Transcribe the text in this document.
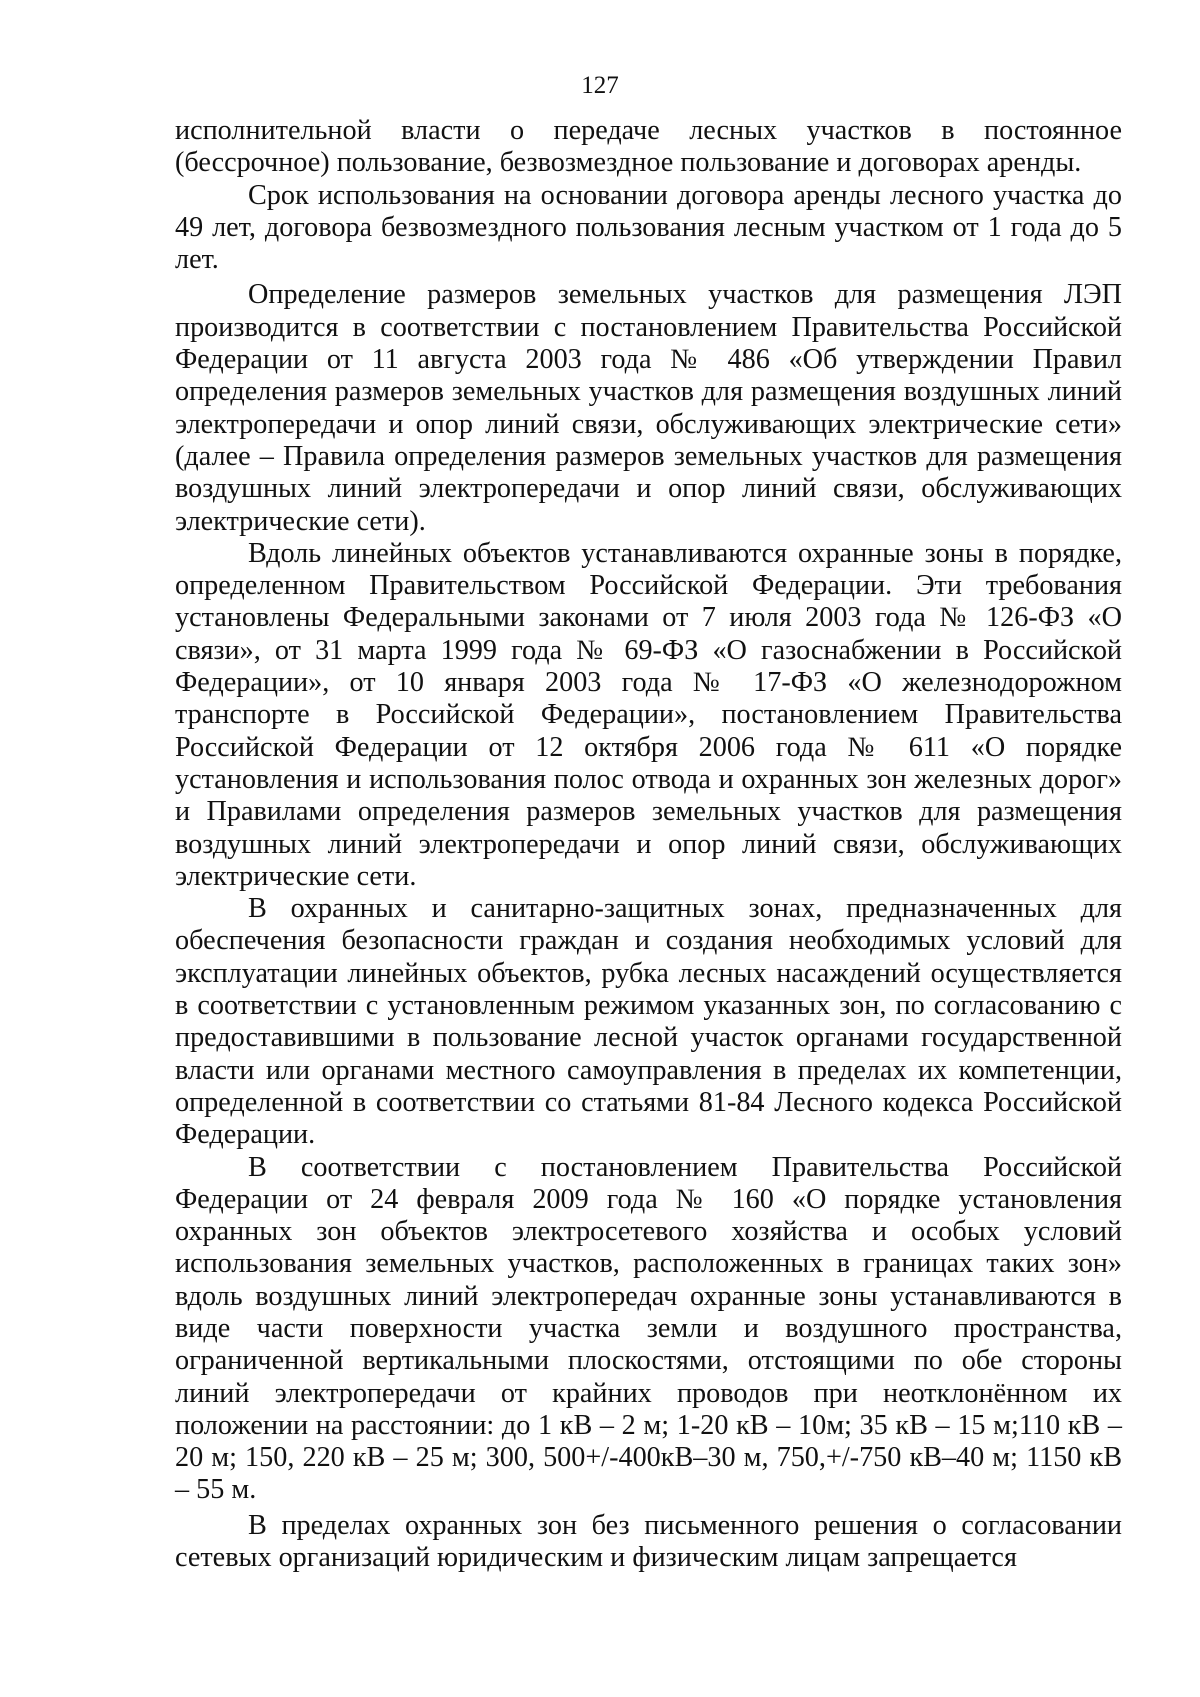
127

исполнительной власти о передаче лесных участков в постоянное (бессрочное) пользование, безвозмездное пользование и договорах аренды.

Срок использования на основании договора аренды лесного участка до 49 лет, договора безвозмездного пользования лесным участком от 1 года до 5 лет.

Определение размеров земельных участков для размещения ЛЭП производится в соответствии с постановлением Правительства Российской Федерации от 11 августа 2003 года № 486 «Об утверждении Правил определения размеров земельных участков для размещения воздушных линий электропередачи и опор линий связи, обслуживающих электрические сети» (далее – Правила определения размеров земельных участков для размещения воздушных линий электропередачи и опор линий связи, обслуживающих электрические сети).

Вдоль линейных объектов устанавливаются охранные зоны в порядке, определенном Правительством Российской Федерации. Эти требования установлены Федеральными законами от 7 июля 2003 года № 126-ФЗ «О связи», от 31 марта 1999 года № 69-ФЗ «О газоснабжении в Российской Федерации», от 10 января 2003 года № 17-ФЗ «О железнодорожном транспорте в Российской Федерации», постановлением Правительства Российской Федерации от 12 октября 2006 года № 611 «О порядке установления и использования полос отвода и охранных зон железных дорог» и Правилами определения размеров земельных участков для размещения воздушных линий электропередачи и опор линий связи, обслуживающих электрические сети.

В охранных и санитарно-защитных зонах, предназначенных для обеспечения безопасности граждан и создания необходимых условий для эксплуатации линейных объектов, рубка лесных насаждений осуществляется в соответствии с установленным режимом указанных зон, по согласованию с предоставившими в пользование лесной участок органами государственной власти или органами местного самоуправления в пределах их компетенции, определенной в соответствии со статьями 81-84 Лесного кодекса Российской Федерации.

В соответствии с постановлением Правительства Российской Федерации от 24 февраля 2009 года № 160 «О порядке установления охранных зон объектов электросетевого хозяйства и особых условий использования земельных участков, расположенных в границах таких зон» вдоль воздушных линий электропередач охранные зоны устанавливаются в виде части поверхности участка земли и воздушного пространства, ограниченной вертикальными плоскостями, отстоящими по обе стороны линий электропередачи от крайних проводов при неотклонённом их положении на расстоянии: до 1 кВ – 2 м; 1-20 кВ – 10м; 35 кВ – 15 м;110 кВ – 20 м; 150, 220 кВ – 25 м; 300, 500+/-400кВ–30 м, 750,+/-750 кВ–40 м; 1150 кВ – 55 м.

В пределах охранных зон без письменного решения о согласовании сетевых организаций юридическим и физическим лицам запрещается
